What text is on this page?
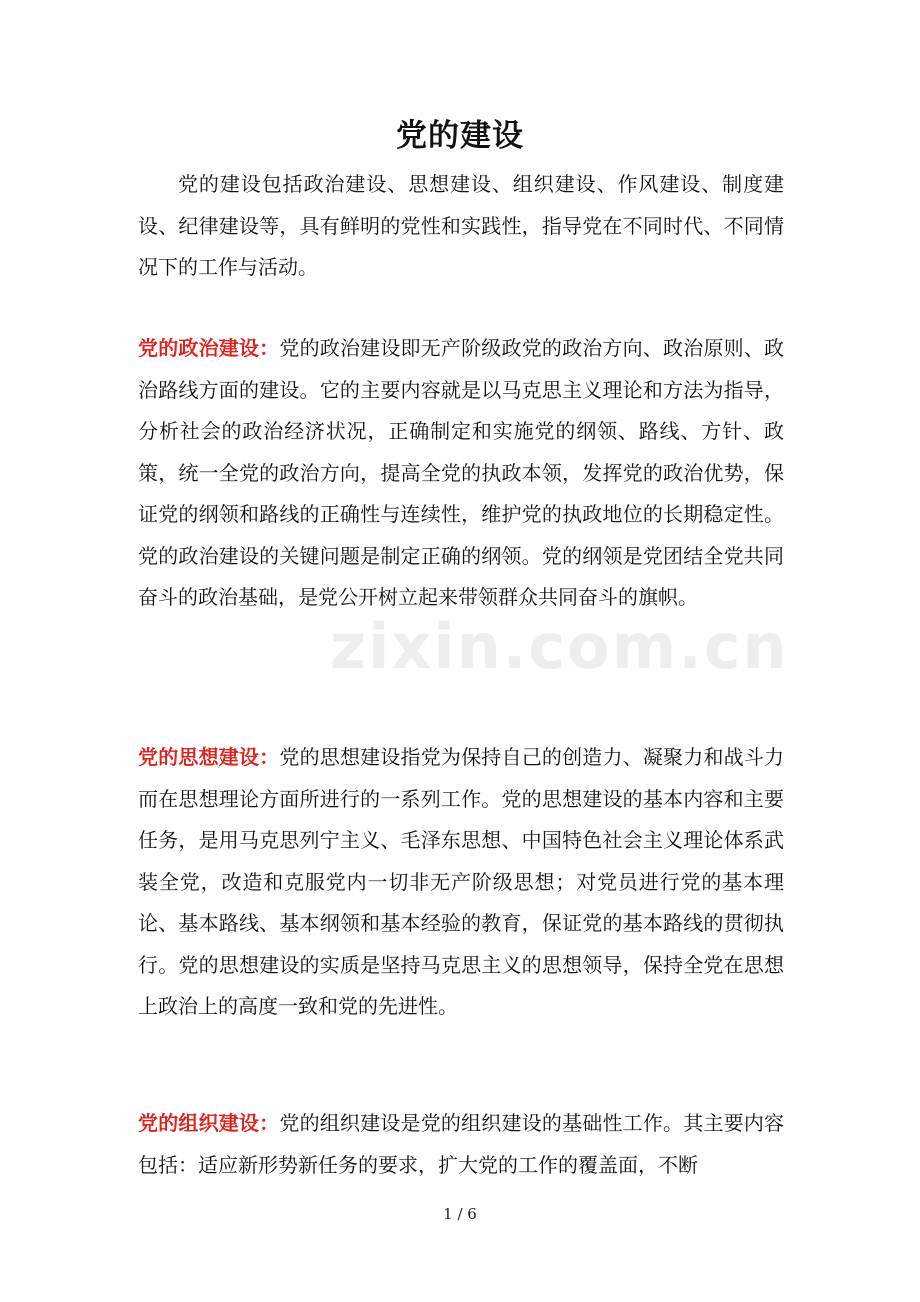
党的建设

党的建设包括政治建设、思想建设、组织建设、作风建设、制度建设、纪律建设等，具有鲜明的党性和实践性，指导党在不同时代、不同情况下的工作与活动。

党的政治建设：党的政治建设即无产阶级政党的政治方向、政治原则、政治路线方面的建设。它的主要内容就是以马克思主义理论和方法为指导，分析社会的政治经济状况，正确制定和实施党的纲领、路线、方针、政策，统一全党的政治方向，提高全党的执政本领，发挥党的政治优势，保证党的纲领和路线的正确性与连续性，维护党的执政地位的长期稳定性。党的政治建设的关键问题是制定正确的纲领。党的纲领是党团结全党共同奋斗的政治基础，是党公开树立起来带领群众共同奋斗的旗帜。

zixin.com.cn

党的思想建设：党的思想建设指党为保持自己的创造力、凝聚力和战斗力而在思想理论方面所进行的一系列工作。党的思想建设的基本内容和主要任务，是用马克思列宁主义、毛泽东思想、中国特色社会主义理论体系武装全党，改造和克服党内一切非无产阶级思想；对党员进行党的基本理论、基本路线、基本纲领和基本经验的教育，保证党的基本路线的贯彻执行。党的思想建设的实质是坚持马克思主义的思想领导，保持全党在思想上政治上的高度一致和党的先进性。

党的组织建设：党的组织建设是党的组织建设的基础性工作。其主要内容包括：适应新形势新任务的要求，扩大党的工作的覆盖面，不断

1 / 6
